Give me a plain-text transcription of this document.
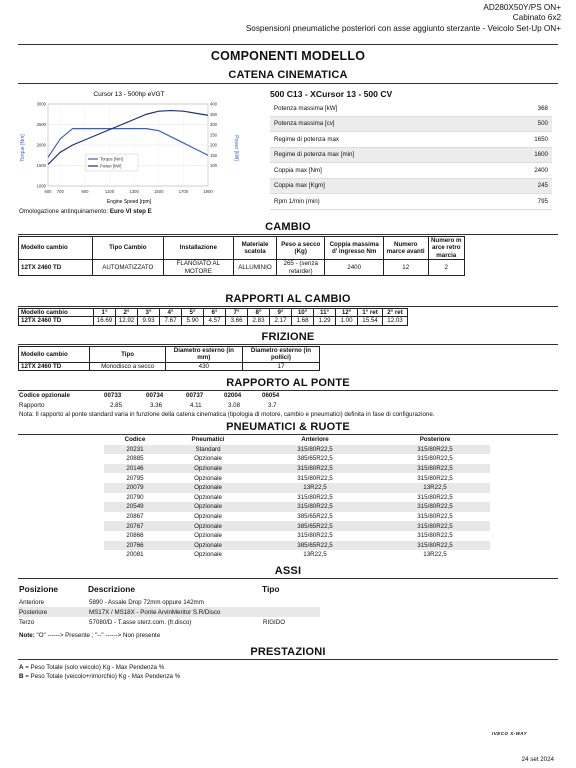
AD280X50Y/PS ON+
Cabinato 6x2
Sospensioni pneumatiche posteriori con asse aggiunto sterzante - Veicolo Set-Up ON+
COMPONENTI MODELLO
CATENA CINEMATICA
Cursor 13 - 500hp eVGT
3000
2500
2000
1500
1000
400
350
300
250
200
150
100
600 700	900	1100	1300	1500	1700	1900
Torque [Nm]
Power [kW]
Engine Speed [rpm]
Torque [Nm]	Power [kW]
500 C13 - XCursor 13 - 500 CV
Potenza massima [kW]	368
Potenza massima [cv]	500
Regime di potenza max	1650
Regime di potenza max [min]	1600
Coppia max [Nm]	2400
Coppia max [Kgm]	245
Rpm 1/min (min)	795
Omologazione antinquinamento: Euro VI step E
CAMBIO
Modello cambio	Tipo Cambio	Installazione	Materiale scatola	Peso a secco (Kg)	Coppia massima d' ingresso Nm	Numero marce avanti	Numero marce retromarcia
12TX 2460 TD	AUTOMATIZZATO	FLANGIATO AL MOTORE	ALLUMINIO	265 - (senza retarder)	2400	12	2
RAPPORTI AL CAMBIO
Modello cambio	1°	2°	3°	4°	5°	6°	7°	8°	9°	10°	11°	12°	1° ret	2° ret
12TX 2460 TD	16.69	12.92	9.93	7.67	5.90	4.57	3.66	2.83	2.17	1.68	1.29	1.00	15.54	12.03
FRIZIONE
Modello cambio	Tipo	Diametro esterno (in mm)	Diametro esterno (in pollici)
12TX 2460 TD	Monodisco a secco	430	17
RAPPORTO AL PONTE
Codice opzionale
Rapporto
00733	00734	00737	02004	06054
2.85	3.36	4.11	3.08	3.7
Nota: Il rapporto al ponte standard varia in funzione della catena cinematica (tipologia di motore, cambio e pneumatici) definita in fase di configurazione.
PNEUMATICI & RUOTE
Codice	Pneumatici	Anteriore	Posteriore
20231	Standard	315/80R22,5	315/80R22,5
20885	Opzionale	385/65R22,5	315/80R22,5
20146	Opzionale	315/80R22,5	315/80R22,5
20795	Opzionale	315/80R22,5	315/80R22,5
20079	Opzionale	13R22,5	13R22,5
20790	Opzionale	315/80R22,5	315/80R22,5
20549	Opzionale	315/80R22,5	315/80R22,5
20867	Opzionale	385/65R22,5	315/80R22,5
20767	Opzionale	385/65R22,5	315/80R22,5
20866	Opzionale	315/80R22,5	315/80R22,5
20766	Opzionale	385/65R22,5	315/80R22,5
20081	Opzionale	13R22,5	13R22,5
ASSI
Posizione	Descrizione	Tipo
Anteriore	5890 - Assale Drop 72mm oppure 142mm
Posteriore	MS17X / MS18X - Ponte ArvinMeritor S.R/Disco
Terzo	57080/D - T.asse sterz.com. (fr.disco)	RIGIDO
Note: "O" ------> Presente ; "--" ------> Non presente
PRESTAZIONI
A = Peso Totale (solo veicolo) Kg - Max Pendenza %
B = Peso Totale (veicolo+rimorchio) Kg - Max Pendenza %
IVECO X-WAY
24 set 2024
